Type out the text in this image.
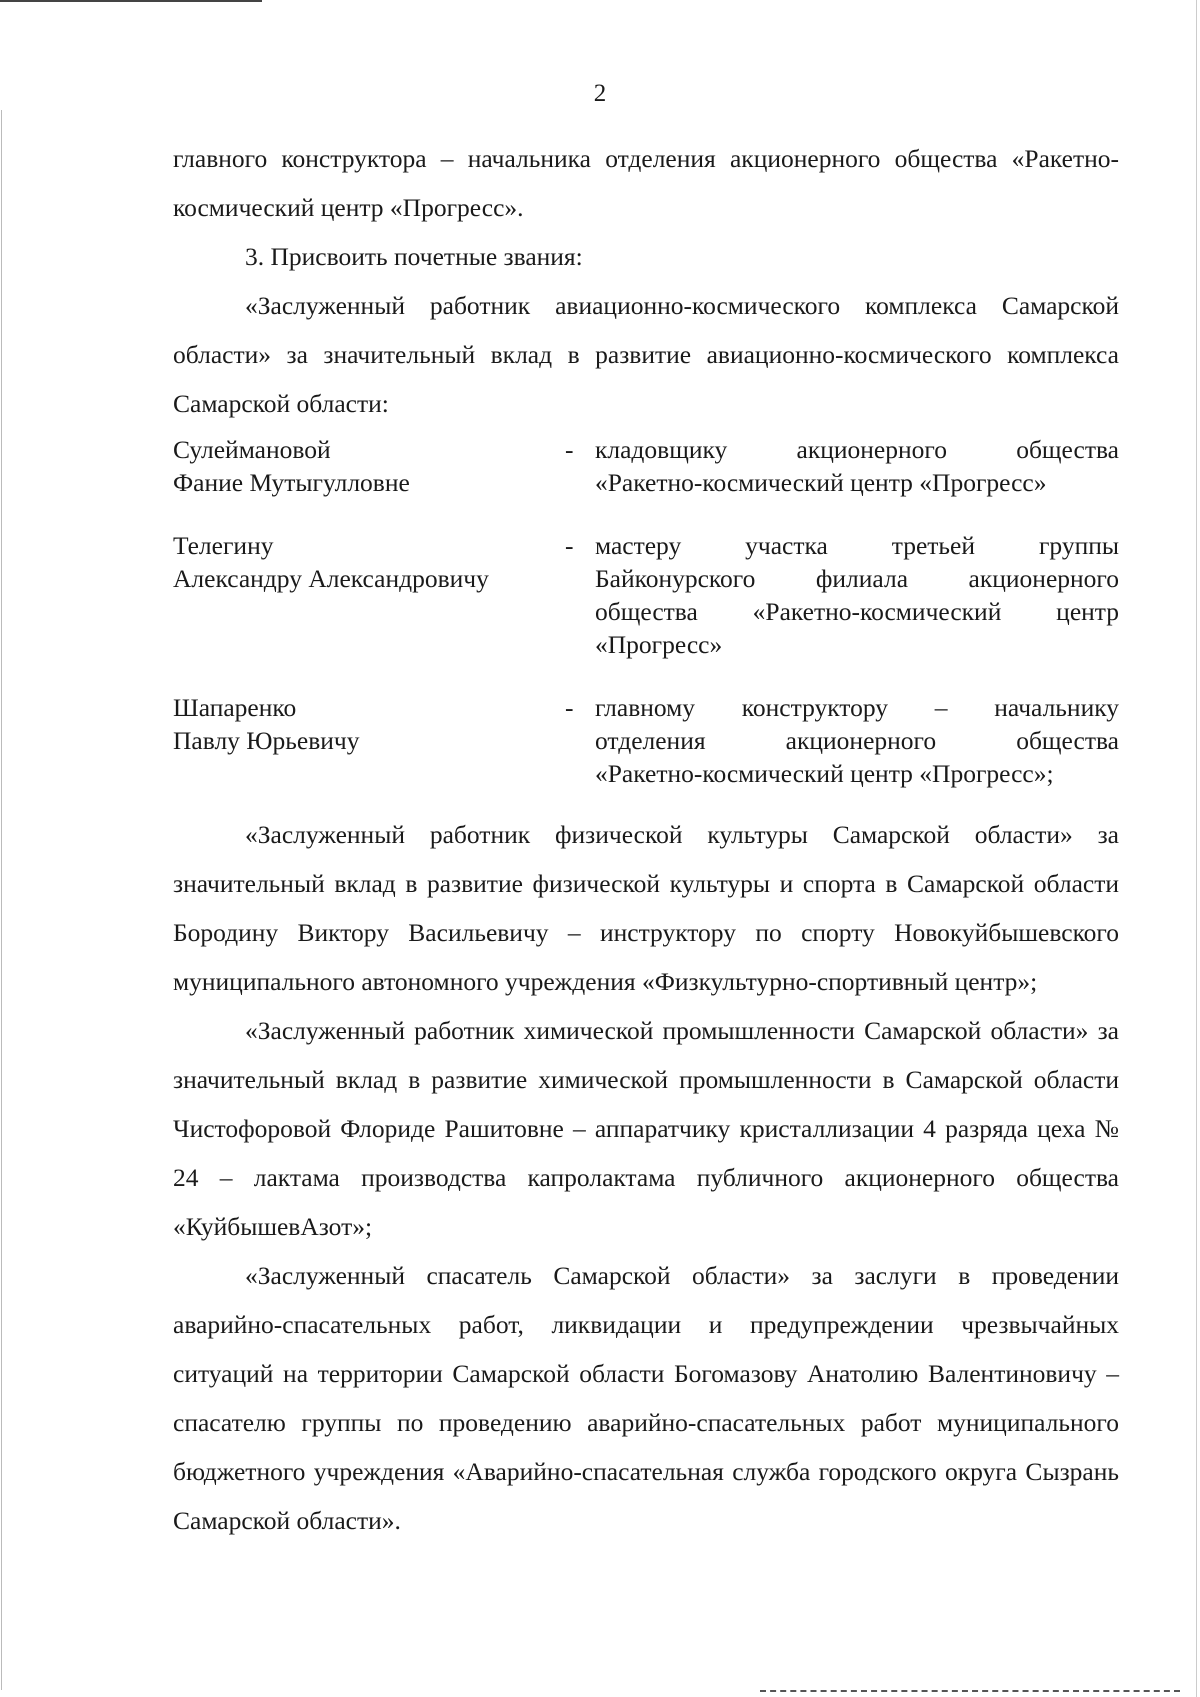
2

главного конструктора – начальника отделения акционерного общества «Ракетно-космический центр «Прогресс».

3. Присвоить почетные звания:

«Заслуженный работник авиационно-космического комплекса Самарской области» за значительный вклад в развитие авиационно-космического комплекса Самарской области:

Сулеймановой
Фание Мутыгулловне
- кладовщику акционерного общества
«Ракетно-космический центр «Прогресс»
Телегину
Александру Александровичу
- мастеру участка третьей группы
Байконурского филиала акционерного
общества «Ракетно-космический центр
«Прогресс»
Шапаренко
Павлу Юрьевичу
- главному конструктору – начальнику
отделения акционерного общества
«Ракетно-космический центр «Прогресс»;

«Заслуженный работник физической культуры Самарской области» за значительный вклад в развитие физической культуры и спорта в Самарской области Бородину Виктору Васильевичу – инструктору по спорту Новокуйбышевского муниципального автономного учреждения «Физкультурно-спортивный центр»;

«Заслуженный работник химической промышленности Самарской области» за значительный вклад в развитие химической промышленности в Самарской области Чистофоровой Флориде Рашитовне – аппаратчику кристаллизации 4 разряда цеха № 24 – лактама производства капролактама публичного акционерного общества «КуйбышевАзот»;

«Заслуженный спасатель Самарской области» за заслуги в проведении аварийно-спасательных работ, ликвидации и предупреждении чрезвычайных ситуаций на территории Самарской области Богомазову Анатолию Валентиновичу – спасателю группы по проведению аварийно-спасательных работ муниципального бюджетного учреждения «Аварийно-спасательная служба городского округа Сызрань Самарской области».
